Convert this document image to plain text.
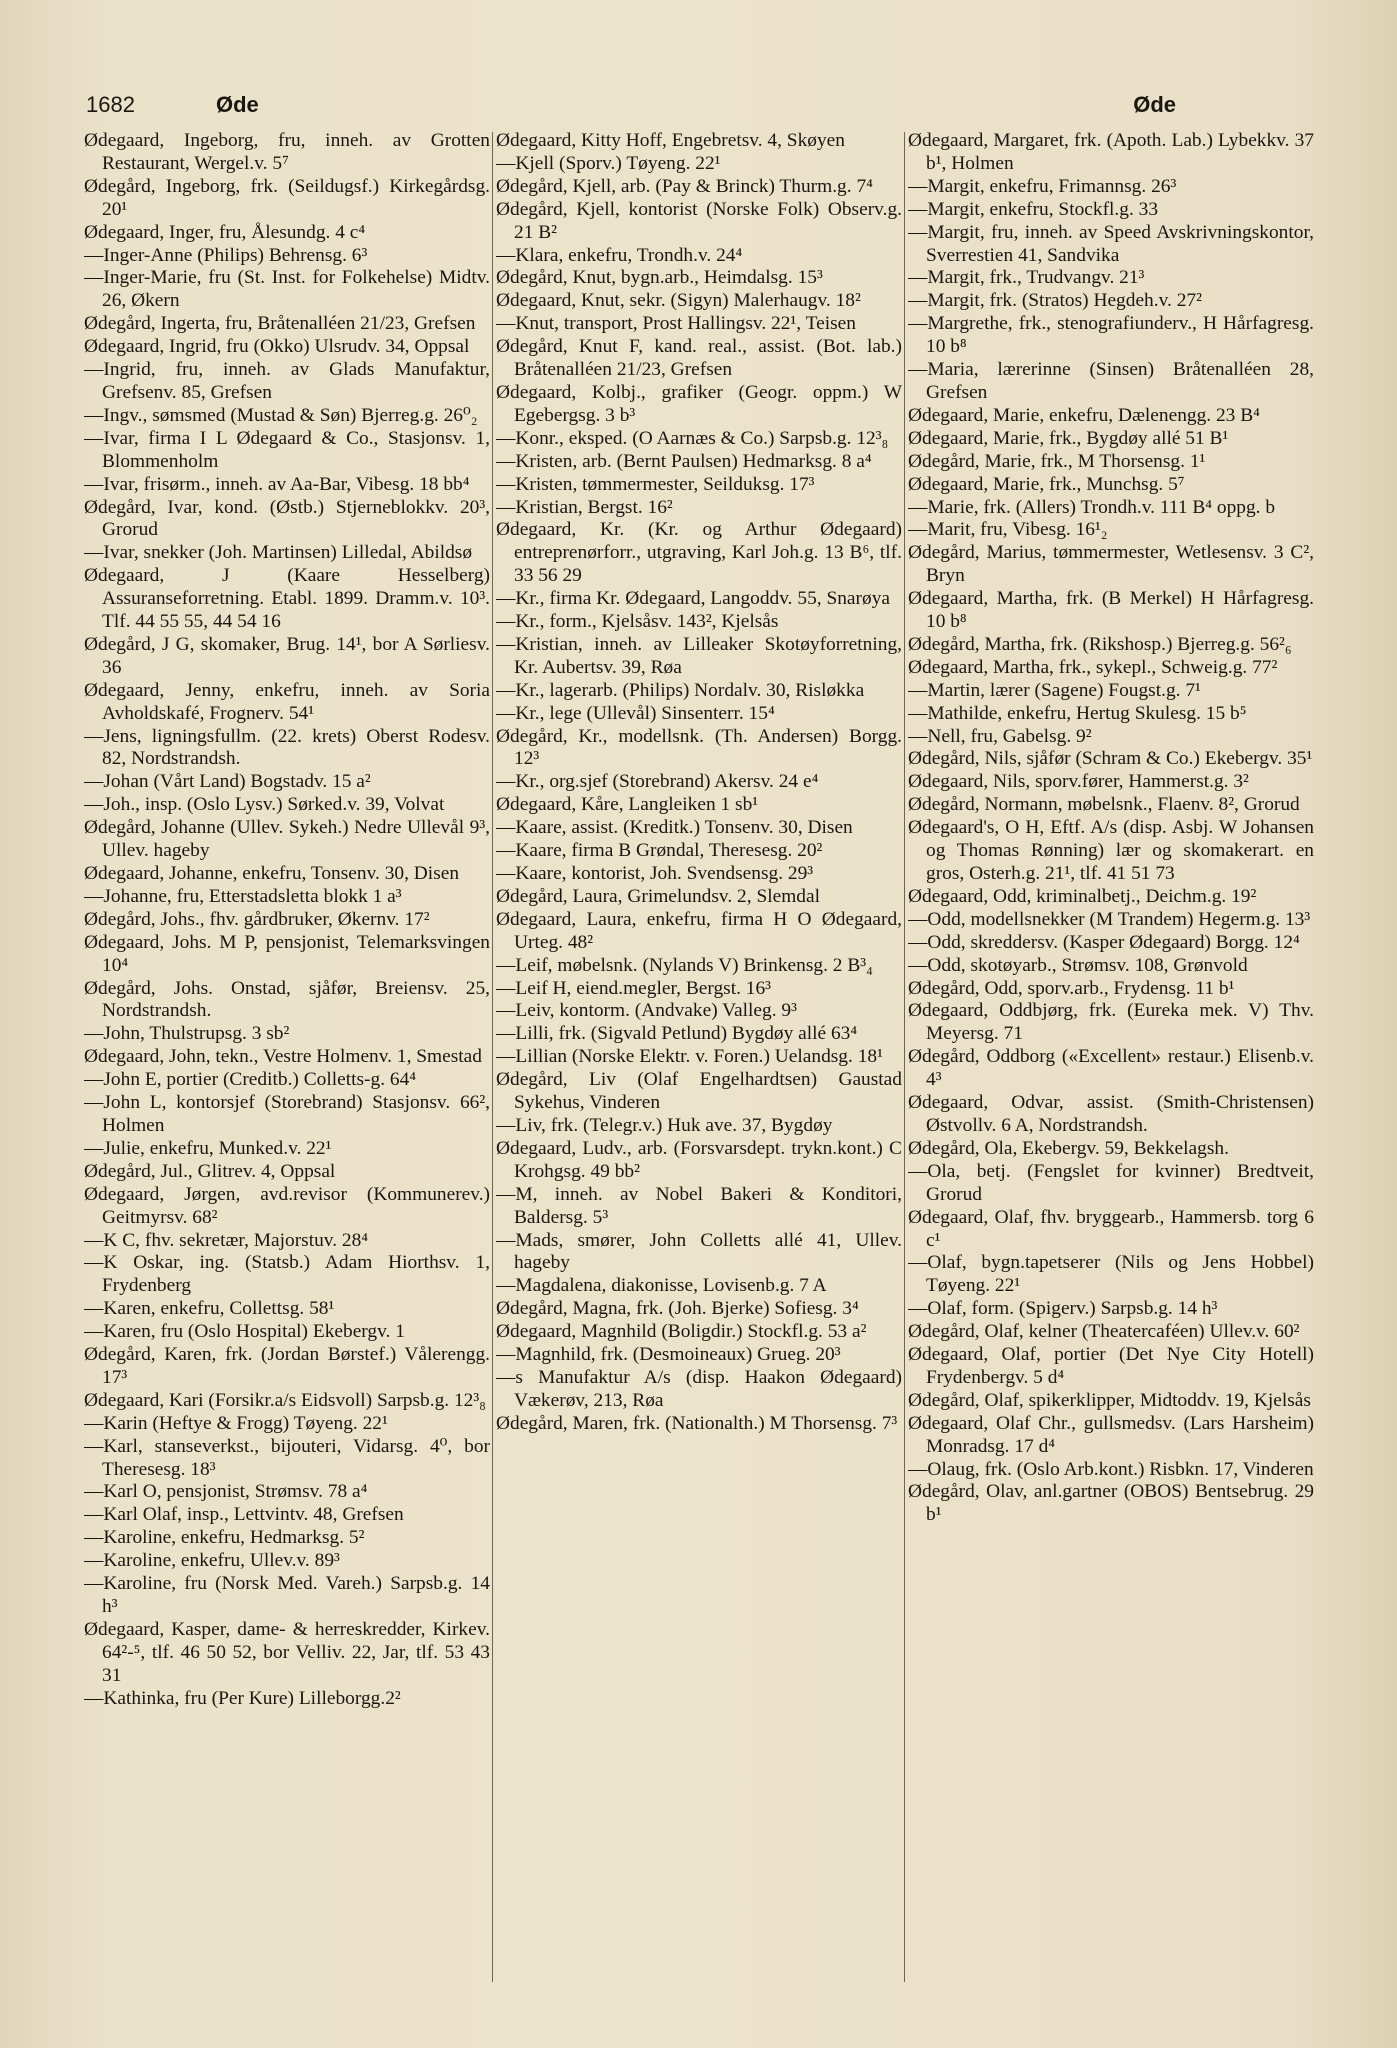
1682	Øde	Øde

Ødegaard, Ingeborg, fru, inneh. av Grotten Restaurant, Wergel.v. 5⁷

Ødegård, Ingeborg, frk. (Seildugsf.) Kirkegårdsg. 20¹

Ødegaard, Inger, fru, Ålesundg. 4 c⁴

—Inger-Anne (Philips) Behrensg. 6³

—Inger-Marie, fru (St. Inst. for Folkehelse) Midtv. 26, Økern

Ødegård, Ingerta, fru, Bråtenalléen 21/23, Grefsen

Ødegaard, Ingrid, fru (Okko) Ulsrudv. 34, Oppsal

—Ingrid, fru, inneh. av Glads Manufaktur, Grefsenv. 85, Grefsen

—Ingv., sømsmed (Mustad & Søn) Bjerreg.g. 26⁰₂

—Ivar, firma I L Ødegaard & Co., Stasjonsv. 1, Blommenholm

—Ivar, frisørm., inneh. av Aa-Bar, Vibesg. 18 bb⁴

Ødegård, Ivar, kond. (Østb.) Stjerneblokkv. 20³, Grorud

—Ivar, snekker (Joh. Martinsen) Lilledal, Abildsø

Ødegaard, J (Kaare Hesselberg) Assuranseforretning. Etabl. 1899. Dramm.v. 10³. Tlf. 44 55 55, 44 54 16

Ødegård, J G, skomaker, Brug. 14¹, bor A Sørliesv. 36

Ødegaard, Jenny, enkefru, inneh. av Soria Avholdskafé, Frognerv. 54¹

—Jens, ligningsfullm. (22. krets) Oberst Rodesv. 82, Nordstrandsh.

—Johan (Vårt Land) Bogstadv. 15 a²

—Joh., insp. (Oslo Lysv.) Sørked.v. 39, Volvat

Ødegård, Johanne (Ullev. Sykeh.) Nedre Ullevål 9³, Ullev. hageby

Ødegaard, Johanne, enkefru, Tonsenv. 30, Disen

—Johanne, fru, Etterstadsletta blokk 1 a³

Ødegård, Johs., fhv. gårdbruker, Økernv. 17²

Ødegaard, Johs. M P, pensjonist, Telemarksvingen 10⁴

Ødegård, Johs. Onstad, sjåfør, Breiensv. 25, Nordstrandsh.

—John, Thulstrupsg. 3 sb²

Ødegaard, John, tekn., Vestre Holmenv. 1, Smestad

—John E, portier (Creditb.) Colletts-g. 64⁴

—John L, kontorsjef (Storebrand) Stasjonsv. 66², Holmen

—Julie, enkefru, Munked.v. 22¹

Ødegård, Jul., Glitrev. 4, Oppsal

Ødegaard, Jørgen, avd.revisor (Kommunerev.) Geitmyrsv. 68²

—K C, fhv. sekretær, Majorstuv. 28⁴

—K Oskar, ing. (Statsb.) Adam Hiorthsv. 1, Frydenberg

—Karen, enkefru, Collettsg. 58¹

—Karen, fru (Oslo Hospital) Ekebergv. 1

Ødegård, Karen, frk. (Jordan Børstef.) Vålerengg. 17³

Ødegaard, Kari (Forsikr.a/s Eidsvoll) Sarpsb.g. 12³₈

—Karin (Heftye & Frogg) Tøyeng. 22¹

—Karl, stanseverkst., bijouteri, Vidarsg. 4⁰, bor Theresesg. 18³

—Karl O, pensjonist, Strømsv. 78 a⁴

—Karl Olaf, insp., Lettvintv. 48, Grefsen

—Karoline, enkefru, Hedmarksg. 5²

—Karoline, enkefru, Ullev.v. 89³

—Karoline, fru (Norsk Med. Vareh.) Sarpsb.g. 14 h³

Ødegaard, Kasper, dame- & herreskredder, Kirkev. 64²-⁵, tlf. 46 50 52, bor Velliv. 22, Jar, tlf. 53 43 31

—Kathinka, fru (Per Kure) Lilleborgg.2²

Ødegaard, Kitty Hoff, Engebretsv. 4, Skøyen

—Kjell (Sporv.) Tøyeng. 22¹

Ødegård, Kjell, arb. (Pay & Brinck) Thurm.g. 7⁴

Ødegård, Kjell, kontorist (Norske Folk) Observ.g. 21 B²

—Klara, enkefru, Trondh.v. 24⁴

Ødegård, Knut, bygn.arb., Heimdalsg. 15³

Ødegaard, Knut, sekr. (Sigyn) Malerhaugv. 18²

—Knut, transport, Prost Hallingsv. 22¹, Teisen

Ødegård, Knut F, kand. real., assist. (Bot. lab.) Bråtenalléen 21/23, Grefsen

Ødegaard, Kolbj., grafiker (Geogr. oppm.) W Egebergsg. 3 b³

—Konr., eksped. (O Aarnæs & Co.) Sarpsb.g. 12³₈

—Kristen, arb. (Bernt Paulsen) Hedmarksg. 8 a⁴

—Kristen, tømmermester, Seilduksg. 17³

—Kristian, Bergst. 16²

Ødegaard, Kr. (Kr. og Arthur Ødegaard) entreprenørforr., utgraving, Karl Joh.g. 13 B⁶, tlf. 33 56 29

—Kr., firma Kr. Ødegaard, Langoddv. 55, Snarøya

—Kr., form., Kjelsåsv. 143², Kjelsås

—Kristian, inneh. av Lilleaker Skotøyforretning, Kr. Aubertsv. 39, Røa

—Kr., lagerarb. (Philips) Nordalv. 30, Risløkka

—Kr., lege (Ullevål) Sinsenterr. 15⁴

Ødegård, Kr., modellsnk. (Th. Andersen) Borgg. 12³

—Kr., org.sjef (Storebrand) Akersv. 24 e⁴

Ødegaard, Kåre, Langleiken 1 sb¹

—Kaare, assist. (Kreditk.) Tonsenv. 30, Disen

—Kaare, firma B Grøndal, Theresesg. 20²

—Kaare, kontorist, Joh. Svendsensg. 29³

Ødegård, Laura, Grimelundsv. 2, Slemdal

Ødegaard, Laura, enkefru, firma H O Ødegaard, Urteg. 48²

—Leif, møbelsnk. (Nylands V) Brinkensg. 2 B³₄

—Leif H, eiend.megler, Bergst. 16³

—Leiv, kontorm. (Andvake) Valleg. 9³

—Lilli, frk. (Sigvald Petlund) Bygdøy allé 63⁴

—Lillian (Norske Elektr. v. Foren.) Uelandsg. 18¹

Ødegård, Liv (Olaf Engelhardtsen) Gaustad Sykehus, Vinderen

—Liv, frk. (Telegr.v.) Huk ave. 37, Bygdøy

Ødegaard, Ludv., arb. (Forsvarsdept. trykn.kont.) C Krohgsg. 49 bb²

—M, inneh. av Nobel Bakeri & Konditori, Baldersg. 5³

—Mads, smører, John Colletts allé 41, Ullev. hageby

—Magdalena, diakonisse, Lovisenb.g. 7 A

Ødegård, Magna, frk. (Joh. Bjerke) Sofiesg. 3⁴

Ødegaard, Magnhild (Boligdir.) Stockfl.g. 53 a²

—Magnhild, frk. (Desmoineaux) Grueg. 20³

—s Manufaktur A/s (disp. Haakon Ødegaard) Vækerøv, 213, Røa

Ødegård, Maren, frk. (Nationalth.) M Thorsensg. 7³

Ødegaard, Margaret, frk. (Apoth. Lab.) Lybekkv. 37 b¹, Holmen

—Margit, enkefru, Frimannsg. 26³

—Margit, enkefru, Stockfl.g. 33

—Margit, fru, inneh. av Speed Avskrivningskontor, Sverrestien 41, Sandvika

—Margit, frk., Trudvangv. 21³

—Margit, frk. (Stratos) Hegdeh.v. 27²

—Margrethe, frk., stenografiunderv., H Hårfagresg. 10 b⁸

—Maria, lærerinne (Sinsen) Bråtenalléen 28, Grefsen

Ødegaard, Marie, enkefru, Dælenengg. 23 B⁴

Ødegaard, Marie, frk., Bygdøy allé 51 B¹

Ødegård, Marie, frk., M Thorsensg. 1¹

Ødegaard, Marie, frk., Munchsg. 5⁷

—Marie, frk. (Allers) Trondh.v. 111 B⁴ oppg. b

—Marit, fru, Vibesg. 16¹₂

Ødegård, Marius, tømmermester, Wetlesensv. 3 C², Bryn

Ødegaard, Martha, frk. (B Merkel) H Hårfagresg. 10 b⁸

Ødegård, Martha, frk. (Rikshosp.) Bjerreg.g. 56²₆

Ødegaard, Martha, frk., sykepl., Schweig.g. 77²

—Martin, lærer (Sagene) Fougst.g. 7¹

—Mathilde, enkefru, Hertug Skulesg. 15 b⁵

—Nell, fru, Gabelsg. 9²

Ødegård, Nils, sjåfør (Schram & Co.) Ekebergv. 35¹

Ødegaard, Nils, sporv.fører, Hammerst.g. 3²

Ødegård, Normann, møbelsnk., Flaenv. 8², Grorud

Ødegaard's, O H, Eftf. A/s (disp. Asbj. W Johansen og Thomas Rønning) lær og skomakerart. en gros, Osterh.g. 21¹, tlf. 41 51 73

Ødegaard, Odd, kriminalbetj., Deichm.g. 19²

—Odd, modellsnekker (M Trandem) Hegerm.g. 13³

—Odd, skreddersv. (Kasper Ødegaard) Borgg. 12⁴

—Odd, skotøyarb., Strømsv. 108, Grønvold

Ødegård, Odd, sporv.arb., Frydensg. 11 b¹

Ødegaard, Oddbjørg, frk. (Eureka mek. V) Thv. Meyersg. 71

Ødegård, Oddborg («Excellent» restaur.) Elisenb.v. 4³

Ødegaard, Odvar, assist. (Smith-Christensen) Østvollv. 6 A, Nordstrandsh.

Ødegård, Ola, Ekebergv. 59, Bekkelagsh.

—Ola, betj. (Fengslet for kvinner) Bredtveit, Grorud

Ødegaard, Olaf, fhv. bryggearb., Hammersb. torg 6 c¹

—Olaf, bygn.tapetserer (Nils og Jens Hobbel) Tøyeng. 22¹

—Olaf, form. (Spigerv.) Sarpsb.g. 14 h³

Ødegård, Olaf, kelner (Theatercaféen) Ullev.v. 60²

Ødegaard, Olaf, portier (Det Nye City Hotell) Frydenbergv. 5 d⁴

Ødegård, Olaf, spikerklipper, Midtoddv. 19, Kjelsås

Ødegaard, Olaf Chr., gullsmedsv. (Lars Harsheim) Monradsg. 17 d⁴

—Olaug, frk. (Oslo Arb.kont.) Risbkn. 17, Vinderen

Ødegård, Olav, anl.gartner (OBOS) Bentsebrug. 29 b¹
